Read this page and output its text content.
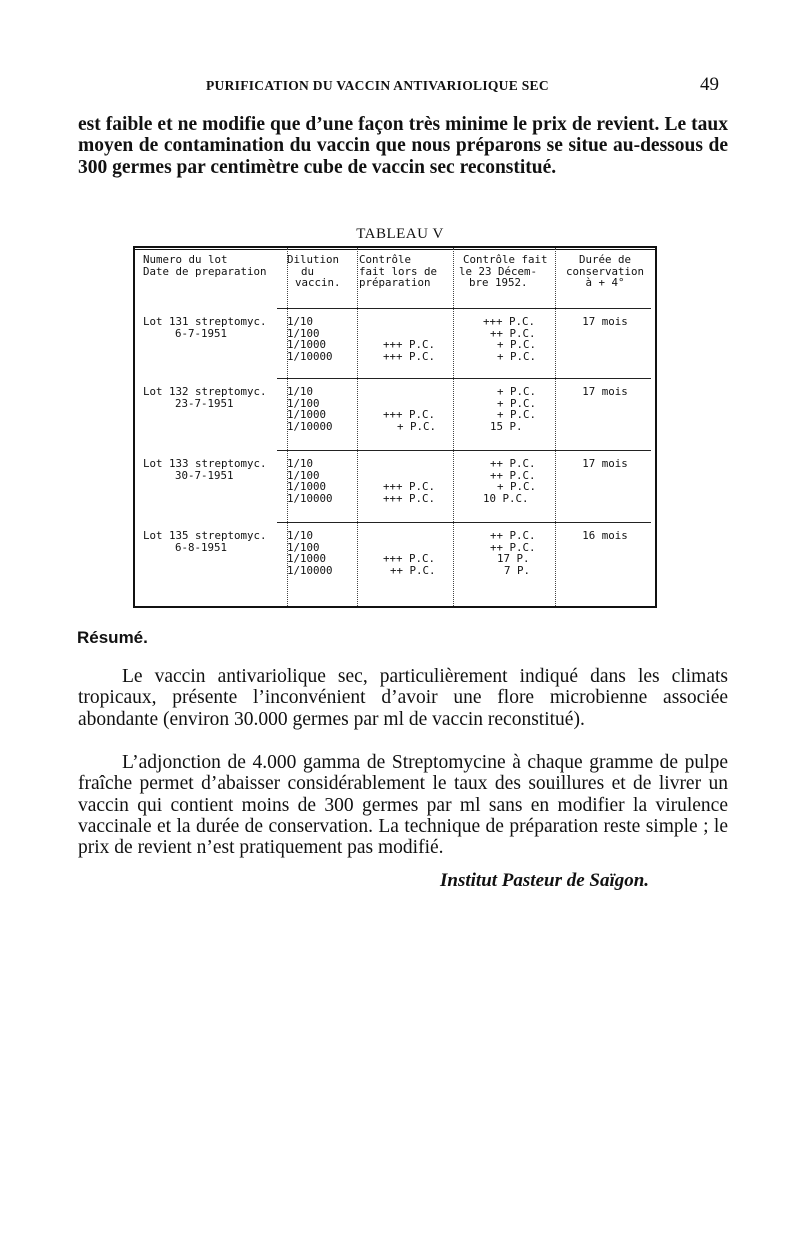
PURIFICATION DU VACCIN ANTIVARIOLIQUE SEC	49

est faible et ne modifie que d’une façon très minime le prix de revient. Le taux moyen de contamination du vaccin que nous préparons se situe au-dessous de 300 germes par centimètre cube de vaccin sec reconstitué.

TABLEAU V
Numero du lot
Date de preparation
Dilution
du
vaccin.
Contrôle
fait lors de
préparation
Contrôle fait
le 23 Décem-
bre 1952.
Durée de
conservation
à + 4°
Lot 131 streptomyc.
6-7-1951
1/10
1/100
1/1000
1/10000
+++ P.C.
+++ P.C.
+++ P.C.
++ P.C.
+ P.C.
+ P.C.
17 mois
Lot 132 streptomyc.
23-7-1951
1/10
1/100
1/1000
1/10000
+++ P.C.
+ P.C.
+ P.C.
+ P.C.
+ P.C.
15 P.
17 mois
Lot 133 streptomyc.
30-7-1951
1/10
1/100
1/1000
1/10000
+++ P.C.
+++ P.C.
++ P.C.
++ P.C.
+ P.C.
10 P.C.
17 mois
Lot 135 streptomyc.
6-8-1951
1/10
1/100
1/1000
1/10000
+++ P.C.
++ P.C.
++ P.C.
++ P.C.
17 P.
7 P.
16 mois
Résumé.

Le vaccin antivariolique sec, particulièrement indiqué dans les climats tropicaux, présente l’inconvénient d’avoir une flore microbienne associée abondante (environ 30.000 germes par ml de vaccin reconstitué).

L’adjonction de 4.000 gamma de Streptomycine à chaque gramme de pulpe fraîche permet d’abaisser considérablement le taux des souillures et de livrer un vaccin qui contient moins de 300 germes par ml sans en modifier la virulence vaccinale et la durée de conservation. La technique de préparation reste simple ; le prix de revient n’est pratiquement pas modifié.

Institut Pasteur de Saïgon.
